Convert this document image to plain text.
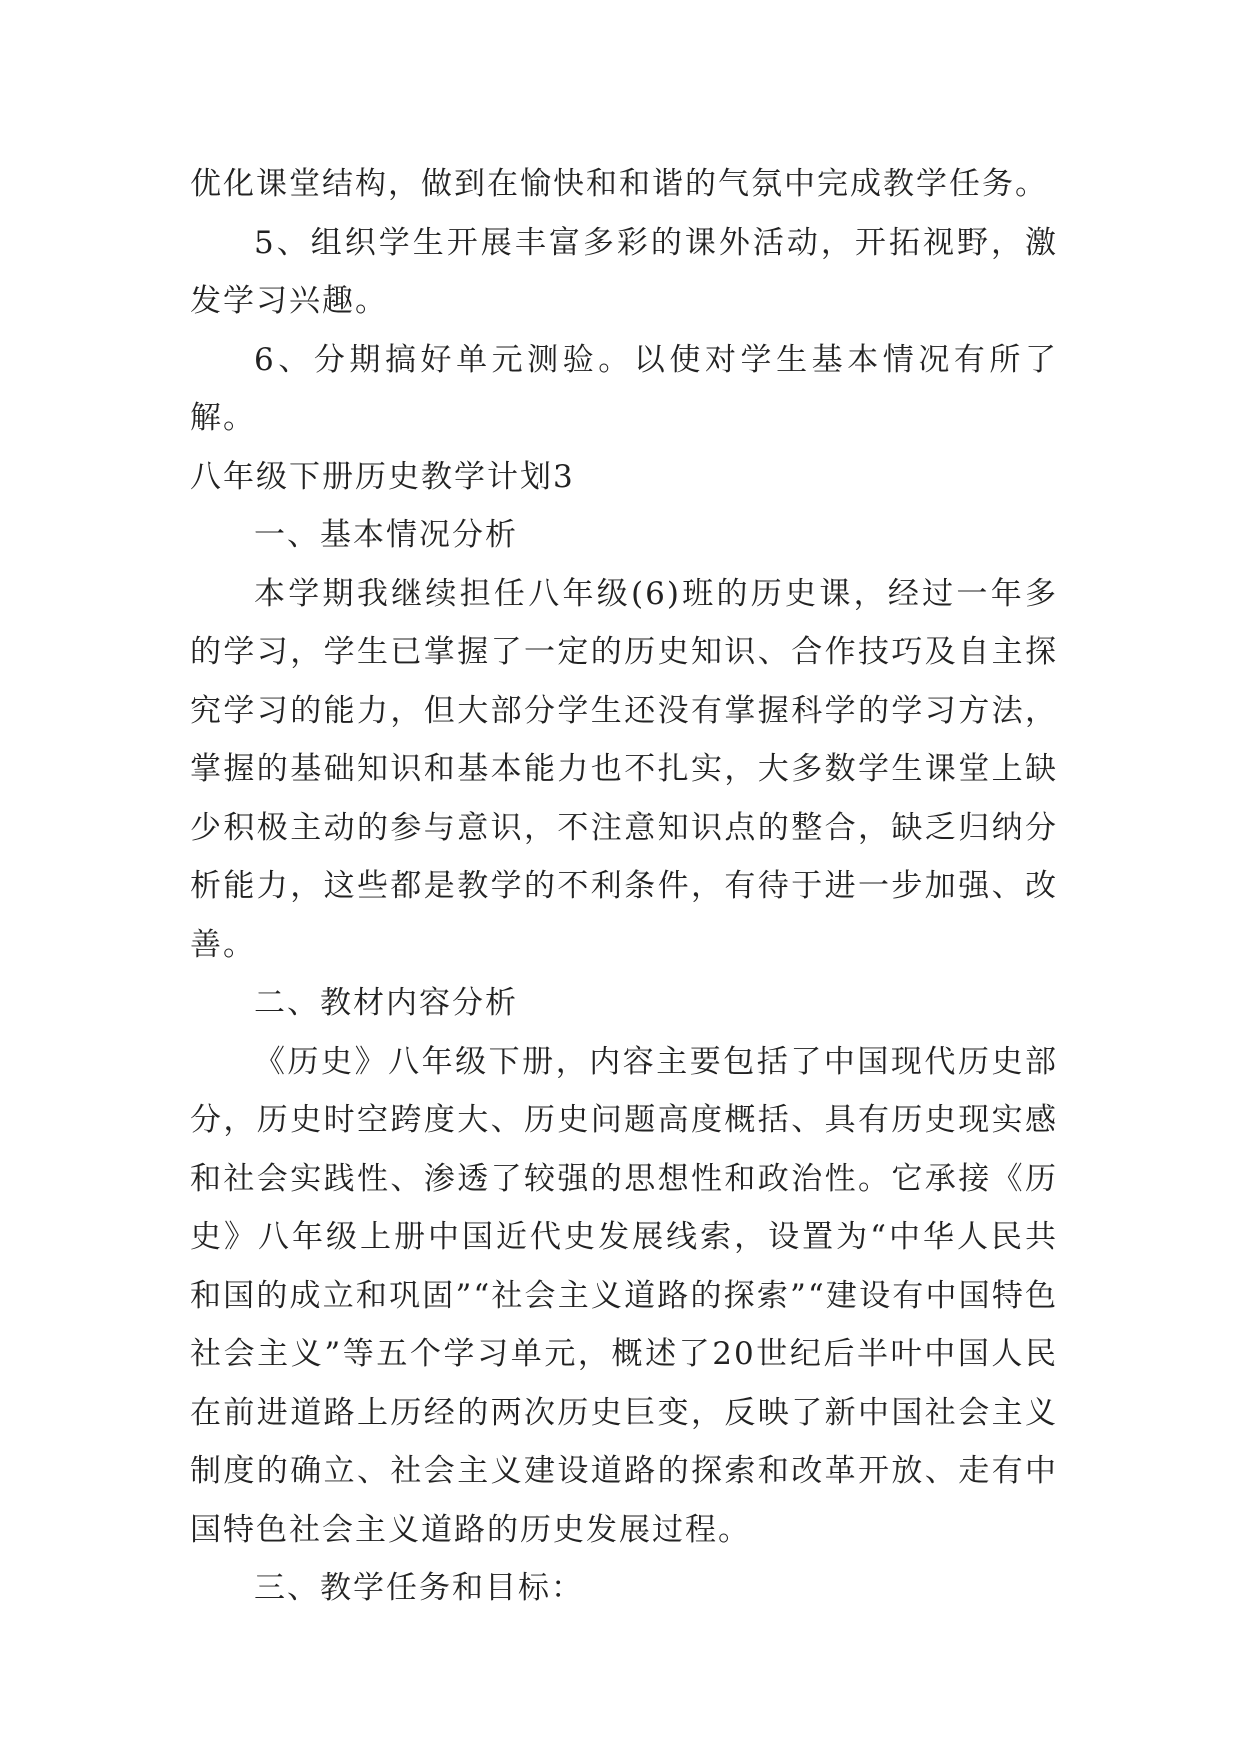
优化课堂结构，做到在愉快和和谐的气氛中完成教学任务。

5、组织学生开展丰富多彩的课外活动，开拓视野，激发学习兴趣。

6、分期搞好单元测验。以使对学生基本情况有所了解。

八年级下册历史教学计划3

一、基本情况分析

本学期我继续担任八年级(6)班的历史课，经过一年多的学习，学生已掌握了一定的历史知识、合作技巧及自主探究学习的能力，但大部分学生还没有掌握科学的学习方法，掌握的基础知识和基本能力也不扎实，大多数学生课堂上缺少积极主动的参与意识，不注意知识点的整合，缺乏归纳分析能力，这些都是教学的不利条件，有待于进一步加强、改善。

二、教材内容分析

《历史》八年级下册，内容主要包括了中国现代历史部分，历史时空跨度大、历史问题高度概括、具有历史现实感和社会实践性、渗透了较强的思想性和政治性。它承接《历史》八年级上册中国近代史发展线索，设置为“中华人民共和国的成立和巩固”“社会主义道路的探索”“建设有中国特色社会主义”等五个学习单元，概述了20世纪后半叶中国人民在前进道路上历经的两次历史巨变，反映了新中国社会主义制度的确立、社会主义建设道路的探索和改革开放、走有中国特色社会主义道路的历史发展过程。

三、教学任务和目标：
